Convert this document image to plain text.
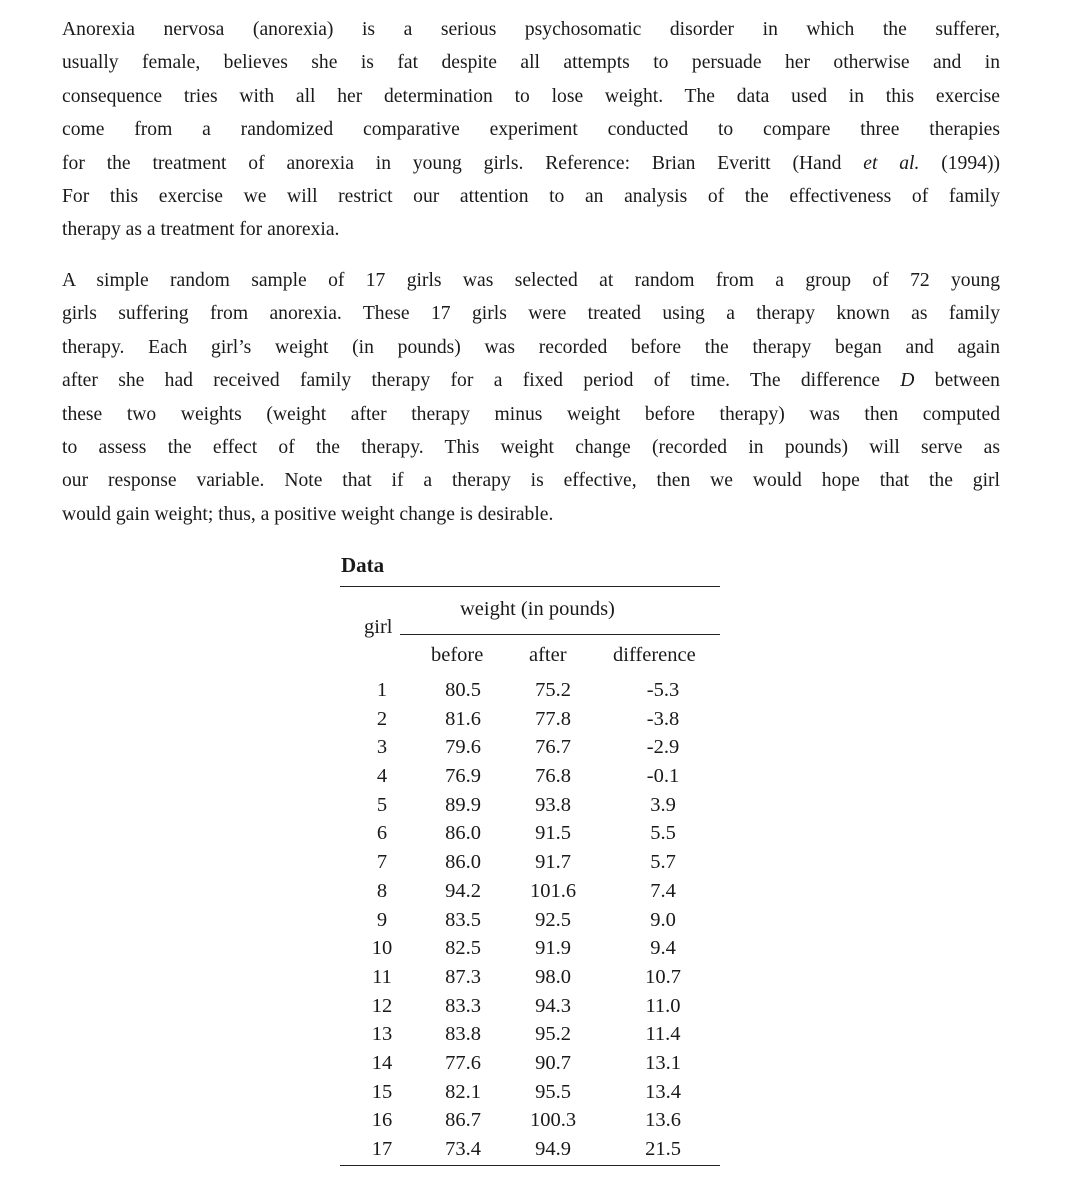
Anorexia nervosa (anorexia) is a serious psychosomatic disorder in which the sufferer,
usually female, believes she is fat despite all attempts to persuade her otherwise and in
consequence tries with all her determination to lose weight. The data used in this exercise
come from a randomized comparative experiment conducted to compare three therapies
for the treatment of anorexia in young girls. Reference: Brian Everitt (Hand et al. (1994))
For this exercise we will restrict our attention to an analysis of the effectiveness of family
therapy as a treatment for anorexia.
A simple random sample of 17 girls was selected at random from a group of 72 young
girls suffering from anorexia. These 17 girls were treated using a therapy known as family
therapy. Each girl’s weight (in pounds) was recorded before the therapy began and again
after she had received family therapy for a fixed period of time. The difference D between
these two weights (weight after therapy minus weight before therapy) was then computed
to assess the effect of the therapy. This weight change (recorded in pounds) will serve as
our response variable. Note that if a therapy is effective, then we would hope that the girl
would gain weight; thus, a positive weight change is desirable.
Data
weight (in pounds)
girl
before after difference
1	80.5	75.2	-5.3
2	81.6	77.8	-3.8
3	79.6	76.7	-2.9
4	76.9	76.8	-0.1
5	89.9	93.8	3.9
6	86.0	91.5	5.5
7	86.0	91.7	5.7
8	94.2	101.6	7.4
9	83.5	92.5	9.0
10	82.5	91.9	9.4
11	87.3	98.0	10.7
12	83.3	94.3	11.0
13	83.8	95.2	11.4
14	77.6	90.7	13.1
15	82.1	95.5	13.4
16	86.7	100.3	13.6
17	73.4	94.9	21.5
